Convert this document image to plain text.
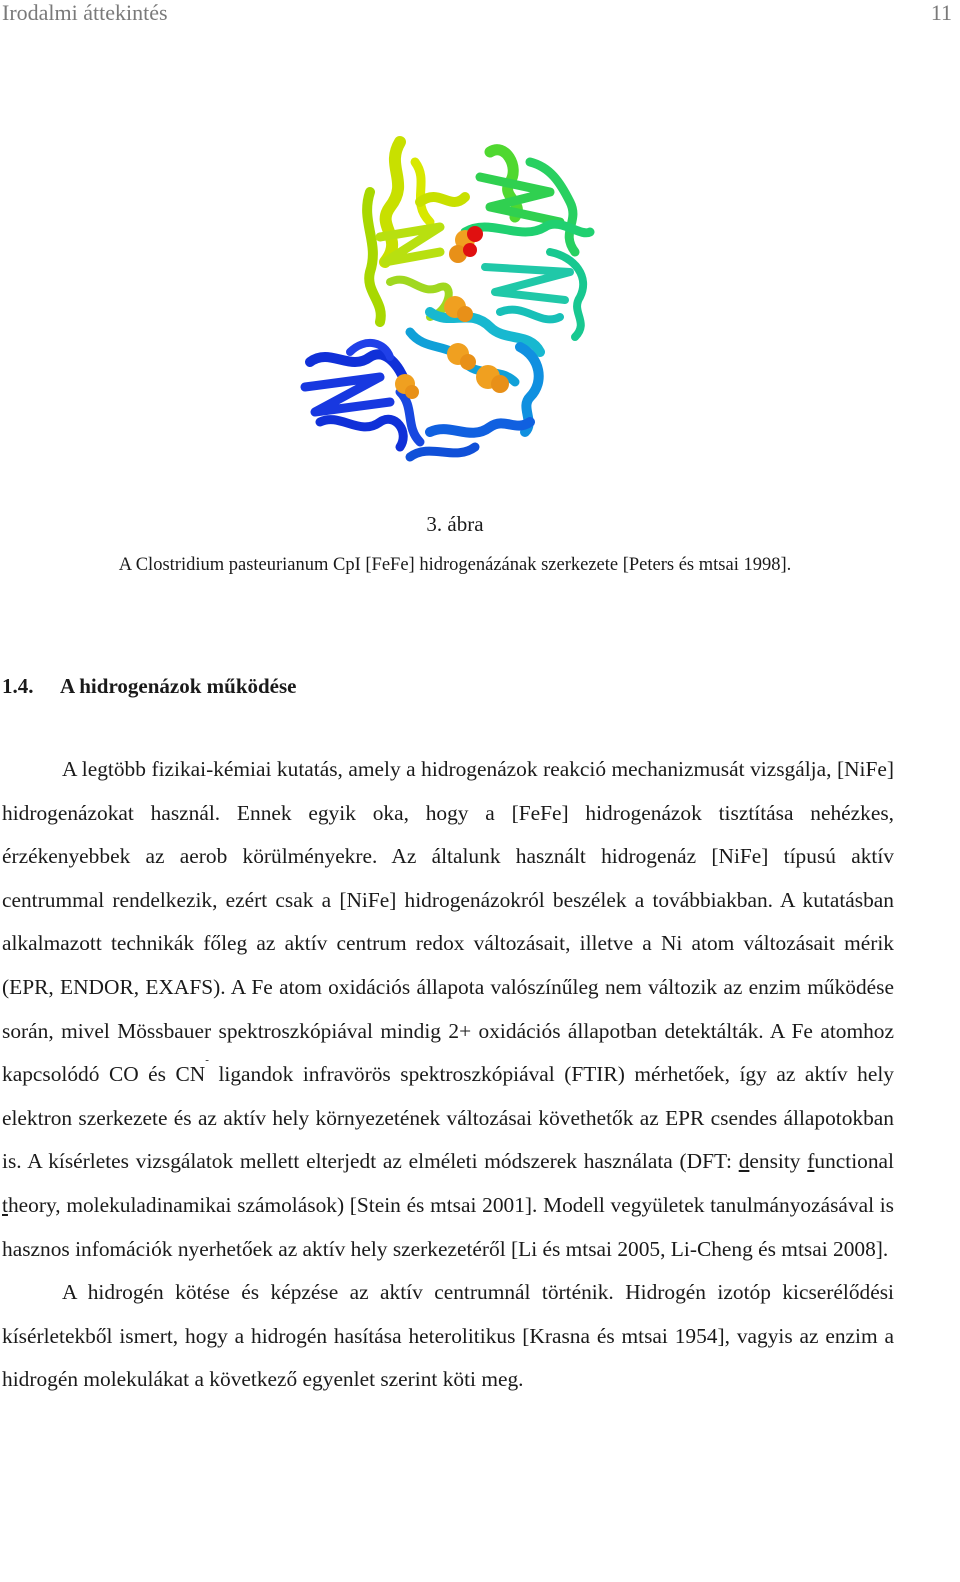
Irodalmi áttekintés	11
3. ábra
A Clostridium pasteurianum CpI [FeFe] hidrogenázának szerkezete [Peters és mtsai 1998].
1.4. A hidrogenázok működése

A legtöbb fizikai-kémiai kutatás, amely a hidrogenázok reakció mechanizmusát vizsgálja, [NiFe] hidrogenázokat használ. Ennek egyik oka, hogy a [FeFe] hidrogenázok tisztítása nehézkes, érzékenyebbek az aerob körülményekre. Az általunk használt hidrogenáz [NiFe] típusú aktív centrummal rendelkezik, ezért csak a [NiFe] hidrogenázokról beszélek a továbbiakban. A kutatásban alkalmazott technikák főleg az aktív centrum redox változásait, illetve a Ni atom változásait mérik (EPR, ENDOR, EXAFS). A Fe atom oxidációs állapota valószínűleg nem változik az enzim működése során, mivel Mössbauer spektroszkópiával mindig 2+ oxidációs állapotban detektálták. A Fe atomhoz kapcsolódó CO és CN- ligandok infravörös spektroszkópiával (FTIR) mérhetőek, így az aktív hely elektron szerkezete és az aktív hely környezetének változásai követhetők az EPR csendes állapotokban is. A kísérletes vizsgálatok mellett elterjedt az elméleti módszerek használata (DFT: density functional theory, molekuladinamikai számolások) [Stein és mtsai 2001]. Modell vegyületek tanulmányozásával is hasznos infomációk nyerhetőek az aktív hely szerkezetéről [Li és mtsai 2005, Li-Cheng és mtsai 2008].

A hidrogén kötése és képzése az aktív centrumnál történik. Hidrogén izotóp kicserélődési kísérletekből ismert, hogy a hidrogén hasítása heterolitikus [Krasna és mtsai 1954], vagyis az enzim a hidrogén molekulákat a következő egyenlet szerint köti meg.
